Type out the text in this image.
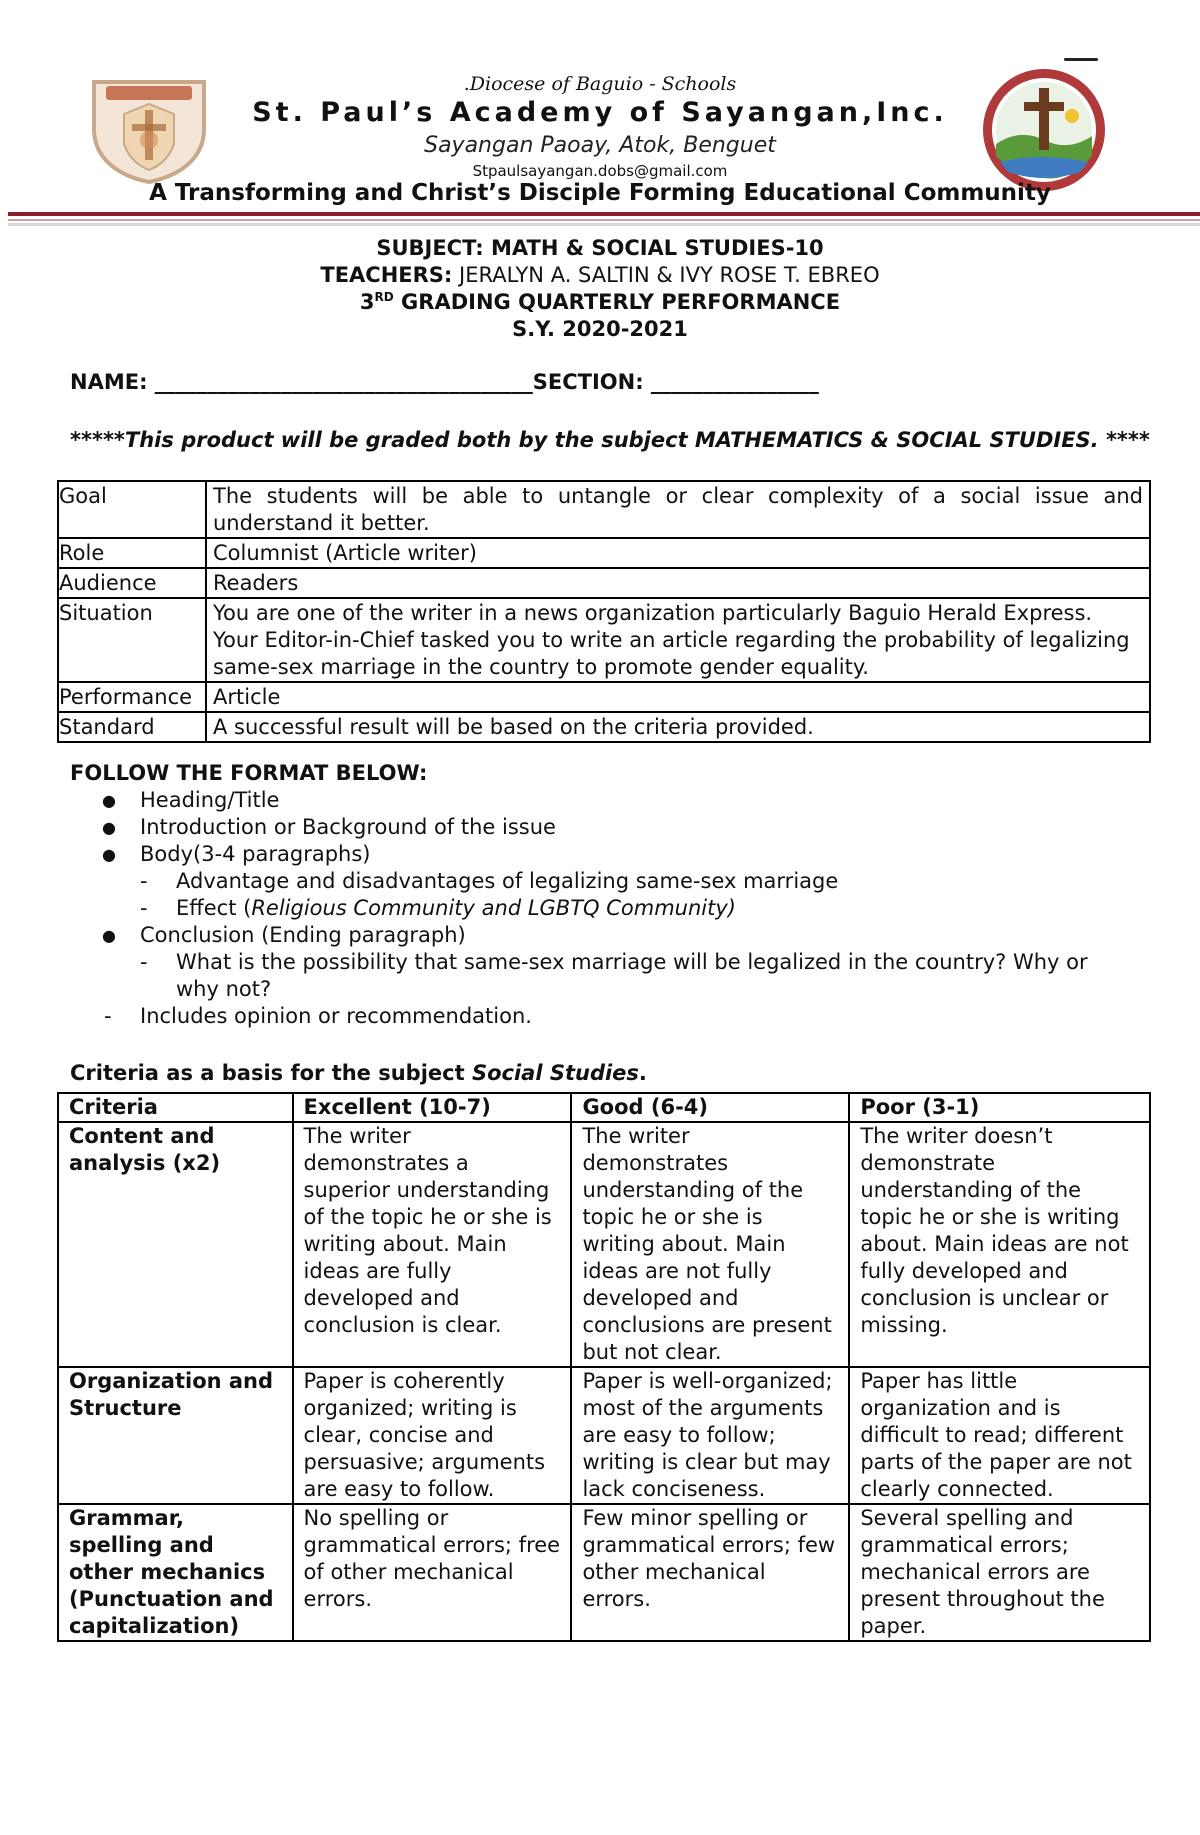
.Diocese of Baguio - Schools
St. Paul’s Academy of Sayangan,Inc.
Sayangan Paoay, Atok, Benguet
Stpaulsayangan.dobs@gmail.com
A Transforming and Christ’s Disciple Forming Educational Community
SUBJECT: MATH & SOCIAL STUDIES-10
TEACHERS: JERALYN A. SALTIN & IVY ROSE T. EBREO
3RD GRADING QUARTERLY PERFORMANCE
S.Y. 2020-2021
NAME: ____________________________________SECTION: ________________
*****This product will be graded both by the subject MATHEMATICS & SOCIAL STUDIES. ****
Goal	The students will be able to untangle or clear complexity of a social issue and understand it better.
Role	Columnist (Article writer)
Audience	Readers
Situation	You are one of the writer in a news organization particularly Baguio Herald Express. Your Editor-in-Chief tasked you to write an article regarding the probability of legalizing same-sex marriage in the country to promote gender equality.
Performance	Article
Standard	A successful result will be based on the criteria provided.
FOLLOW THE FORMAT BELOW:
● Heading/Title
● Introduction or Background of the issue
● Body(3-4 paragraphs)
- Advantage and disadvantages of legalizing same-sex marriage
- Effect (Religious Community and LGBTQ Community)
● Conclusion (Ending paragraph)
- What is the possibility that same-sex marriage will be legalized in the country? Why or why not?
- Includes opinion or recommendation.
Criteria as a basis for the subject Social Studies.
Criteria	Excellent (10-7)	Good (6-4)	Poor (3-1)
Content and analysis (x2)	The writer demonstrates a superior understanding of the topic he or she is writing about. Main ideas are fully developed and conclusion is clear.	The writer demonstrates understanding of the topic he or she is writing about. Main ideas are not fully developed and conclusions are present but not clear.	The writer doesn’t demonstrate understanding of the topic he or she is writing about. Main ideas are not fully developed and conclusion is unclear or missing.
Organization and Structure	Paper is coherently organized; writing is clear, concise and persuasive; arguments are easy to follow.	Paper is well-organized; most of the arguments are easy to follow; writing is clear but may lack conciseness.	Paper has little organization and is difficult to read; different parts of the paper are not clearly connected.
Grammar, spelling and other mechanics (Punctuation and capitalization)	No spelling or grammatical errors; free of other mechanical errors.	Few minor spelling or grammatical errors; few other mechanical errors.	Several spelling and grammatical errors; mechanical errors are present throughout the paper.
